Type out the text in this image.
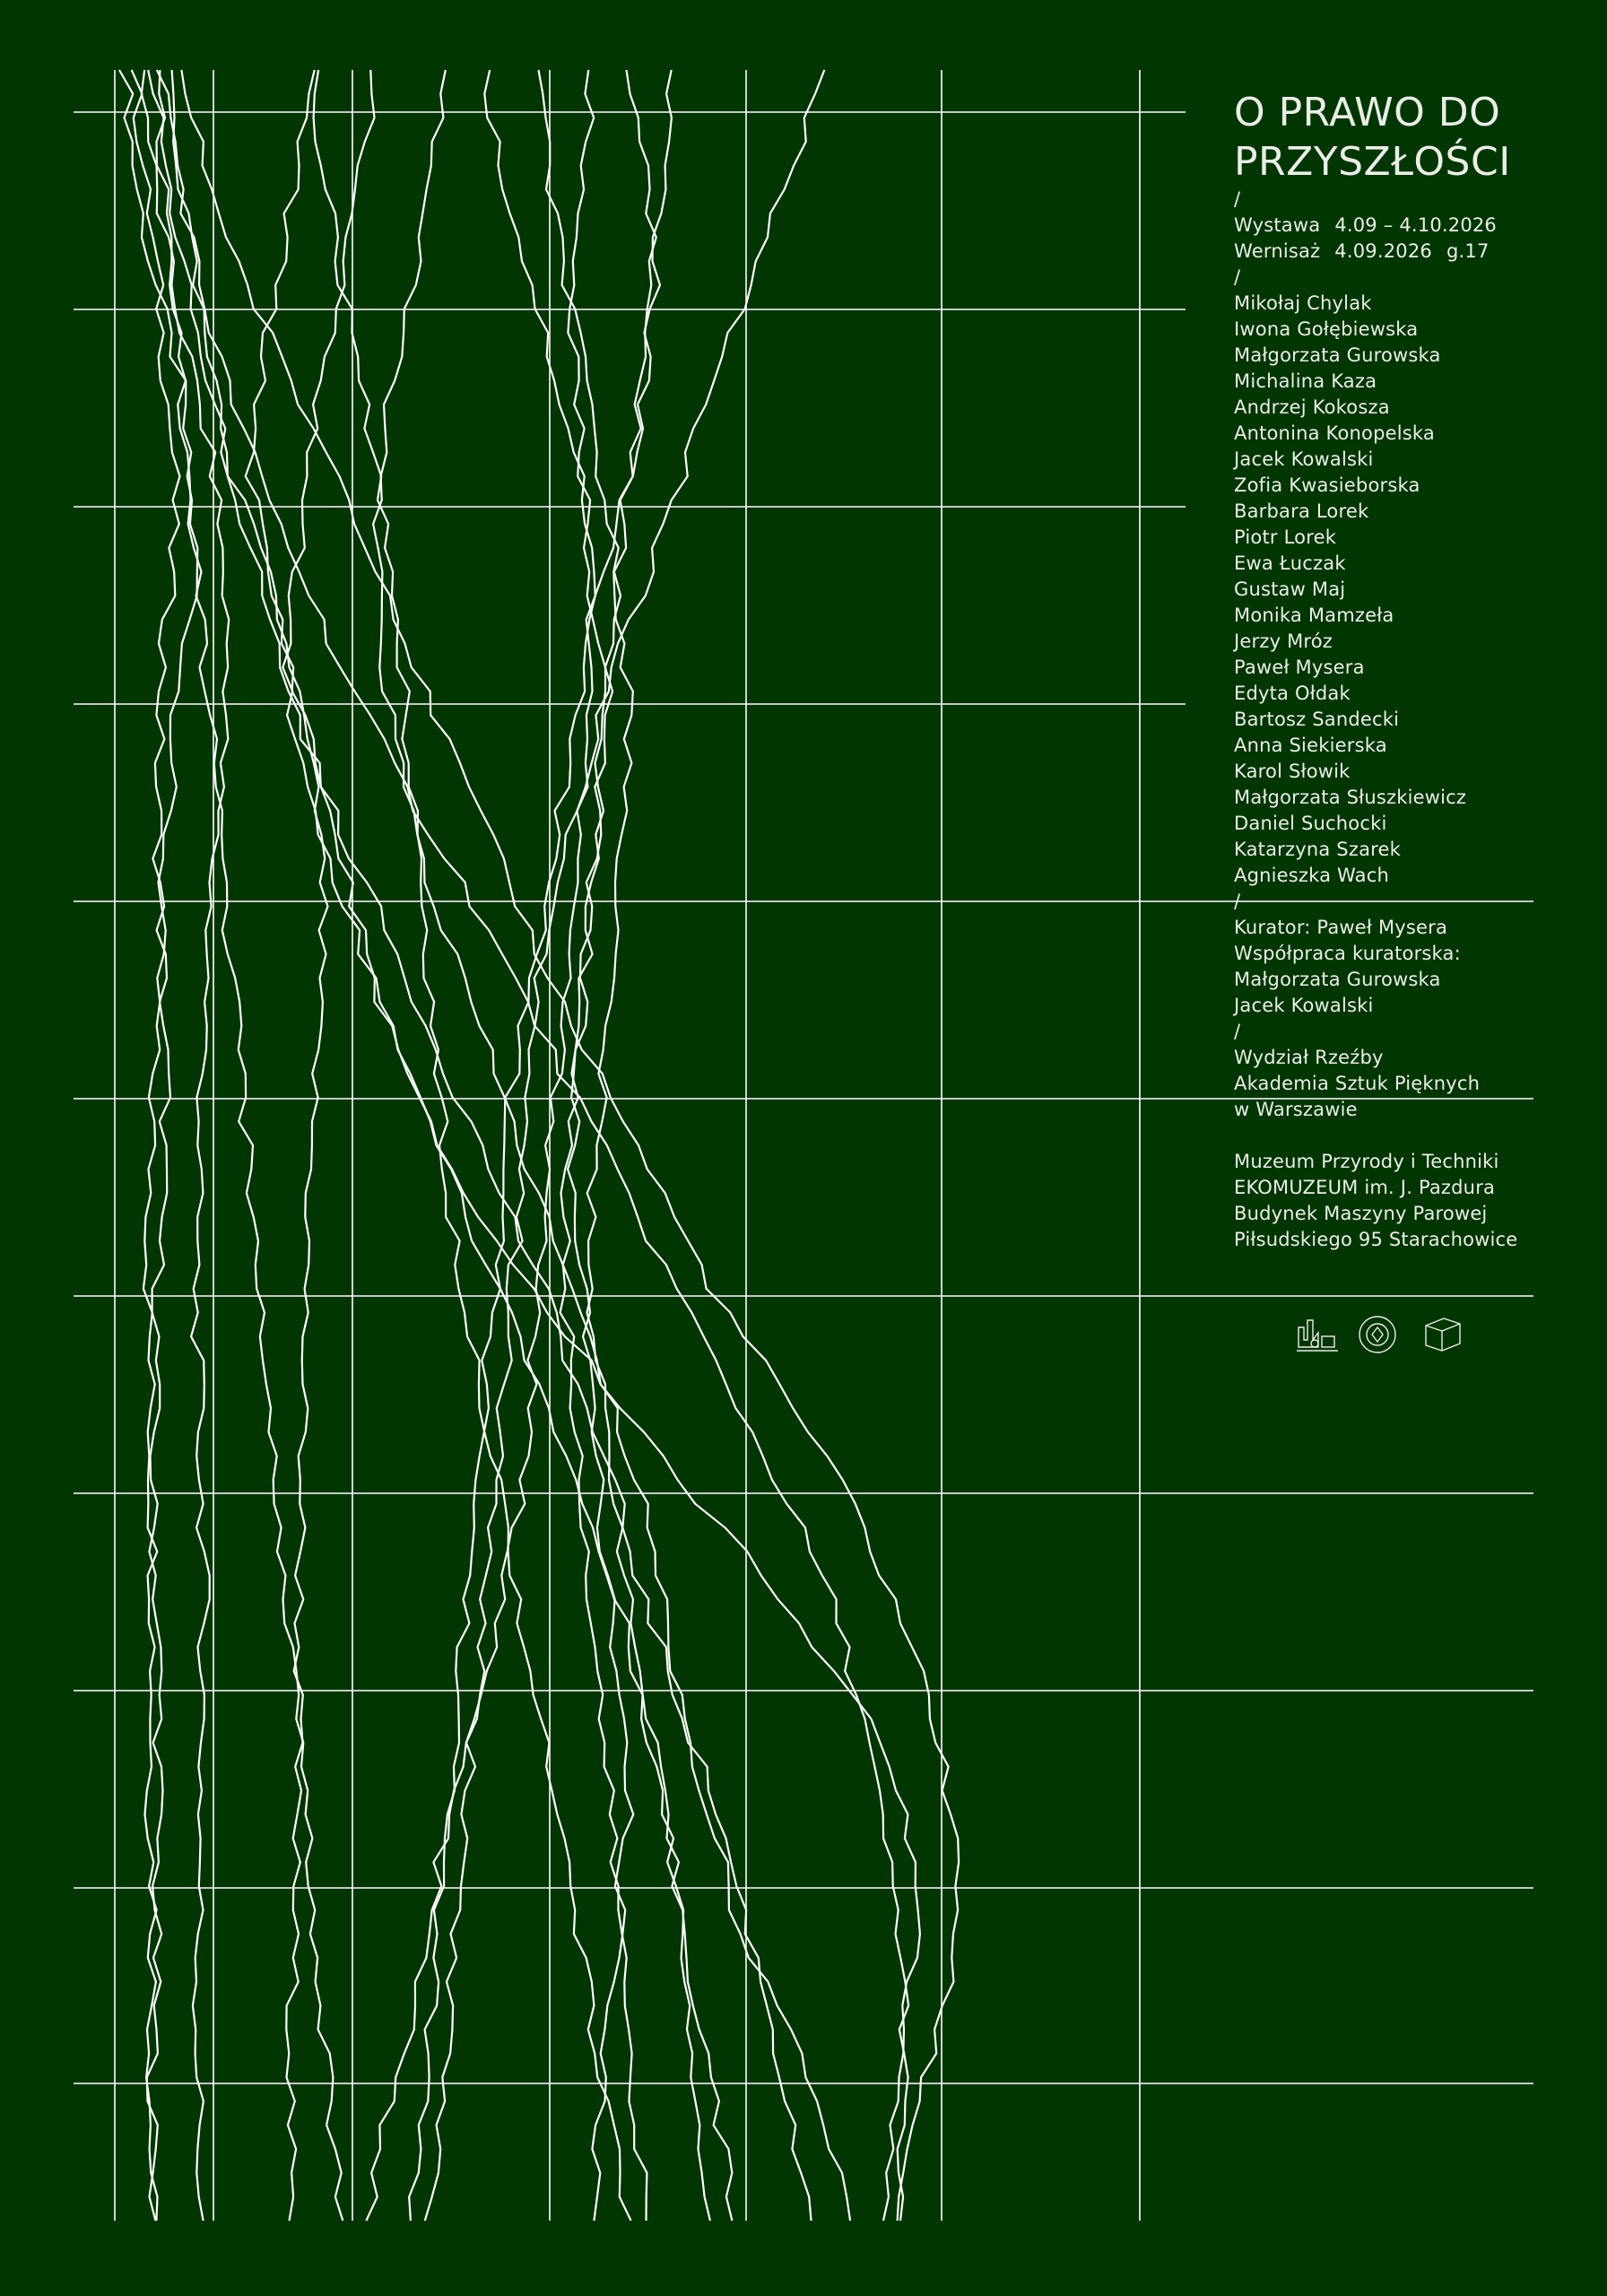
O PRAWO DO
PRZYSZŁOŚCI
/
Wystawa 4.09 – 4.10.2026
Wernisaż 4.09.2026 g.17
/
Mikołaj Chylak
Iwona Gołębiewska
Małgorzata Gurowska
Michalina Kaza
Andrzej Kokosza
Antonina Konopelska
Jacek Kowalski
Zofia Kwasieborska
Barbara Lorek
Piotr Lorek
Ewa Łuczak
Gustaw Maj
Monika Mamzeła
Jerzy Mróz
Paweł Mysera
Edyta Ołdak
Bartosz Sandecki
Anna Siekierska
Karol Słowik
Małgorzata Słuszkiewicz
Daniel Suchocki
Katarzyna Szarek
Agnieszka Wach
/
Kurator: Paweł Mysera
Współpraca kuratorska:
Małgorzata Gurowska
Jacek Kowalski
/
Wydział Rzeźby
Akademia Sztuk Pięknych
w Warszawie
Muzeum Przyrody i Techniki
EKOMUZEUM im. J. Pazdura
Budynek Maszyny Parowej
Piłsudskiego 95 Starachowice
